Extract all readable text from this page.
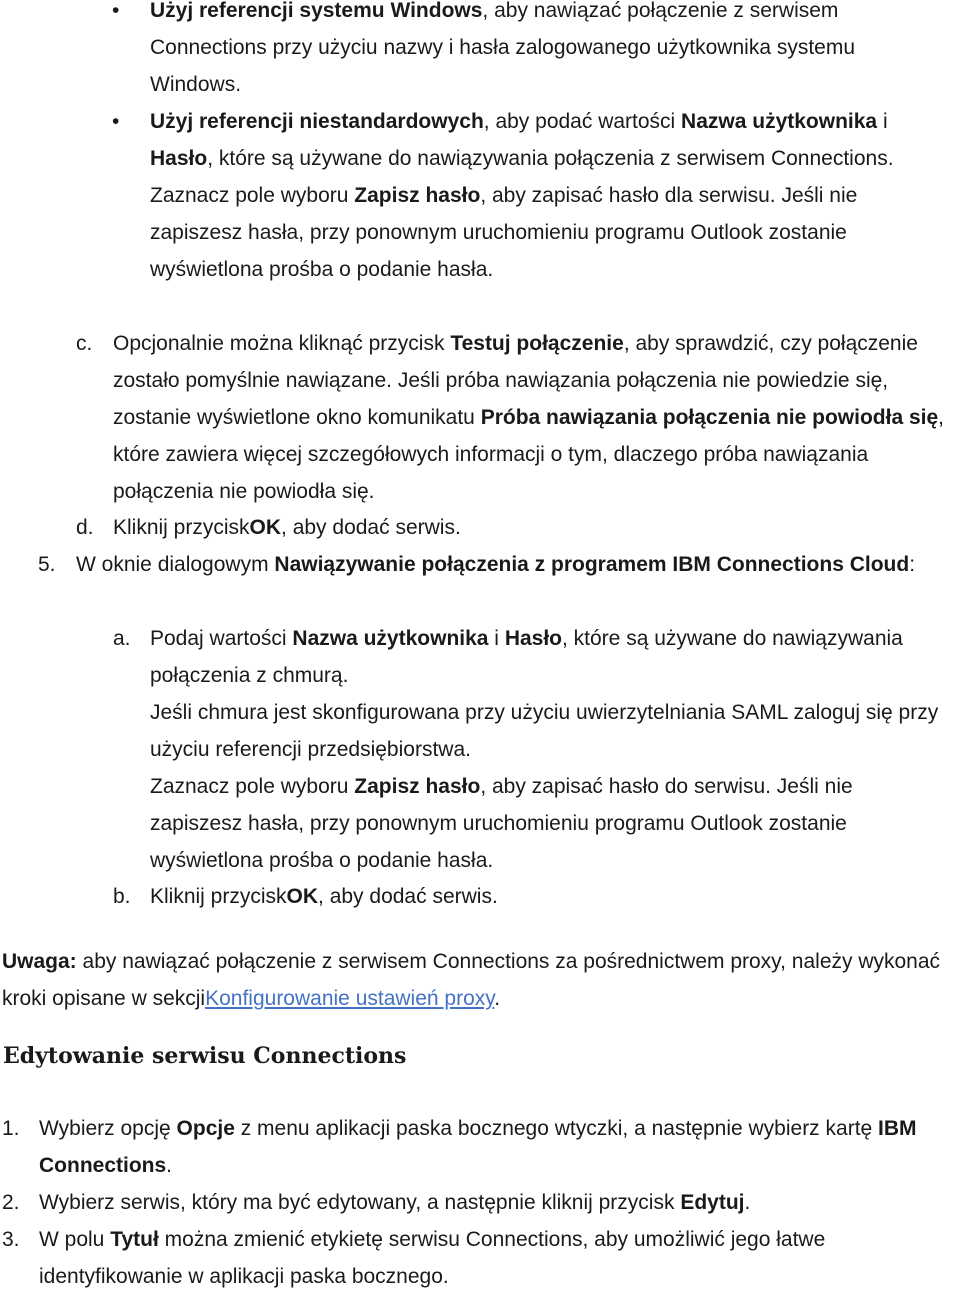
• Użyj referencji systemu Windows, aby nawiązać połączenie z serwisem Connections przy użyciu nazwy i hasła zalogowanego użytkownika systemu Windows.
• Użyj referencji niestandardowych, aby podać wartości Nazwa użytkownika i Hasło, które są używane do nawiązywania połączenia z serwisem Connections.
Zaznacz pole wyboru Zapisz hasło, aby zapisać hasło dla serwisu. Jeśli nie zapiszesz hasła, przy ponownym uruchomieniu programu Outlook zostanie wyświetlona prośba o podanie hasła.
c. Opcjonalnie można kliknąć przycisk Testuj połączenie, aby sprawdzić, czy połączenie zostało pomyślnie nawiązane. Jeśli próba nawiązania połączenia nie powiedzie się, zostanie wyświetlone okno komunikatu Próba nawiązania połączenia nie powiodła się, które zawiera więcej szczegółowych informacji o tym, dlaczego próba nawiązania połączenia nie powiodła się.
d. Kliknij przyciskOK, aby dodać serwis.
5. W oknie dialogowym Nawiązywanie połączenia z programem IBM Connections Cloud:
a. Podaj wartości Nazwa użytkownika i Hasło, które są używane do nawiązywania połączenia z chmurą.
Jeśli chmura jest skonfigurowana przy użyciu uwierzytelniania SAML zaloguj się przy użyciu referencji przedsiębiorstwa.
Zaznacz pole wyboru Zapisz hasło, aby zapisać hasło do serwisu. Jeśli nie zapiszesz hasła, przy ponownym uruchomieniu programu Outlook zostanie wyświetlona prośba o podanie hasła.
b. Kliknij przyciskOK, aby dodać serwis.
Uwaga: aby nawiązać połączenie z serwisem Connections za pośrednictwem proxy, należy wykonać kroki opisane w sekcjiKonfigurowanie ustawień proxy.
Edytowanie serwisu Connections
1. Wybierz opcję Opcje z menu aplikacji paska bocznego wtyczki, a następnie wybierz kartę IBM Connections.
2. Wybierz serwis, który ma być edytowany, a następnie kliknij przycisk Edytuj.
3. W polu Tytuł można zmienić etykietę serwisu Connections, aby umożliwić jego łatwe identyfikowanie w aplikacji paska bocznego.
